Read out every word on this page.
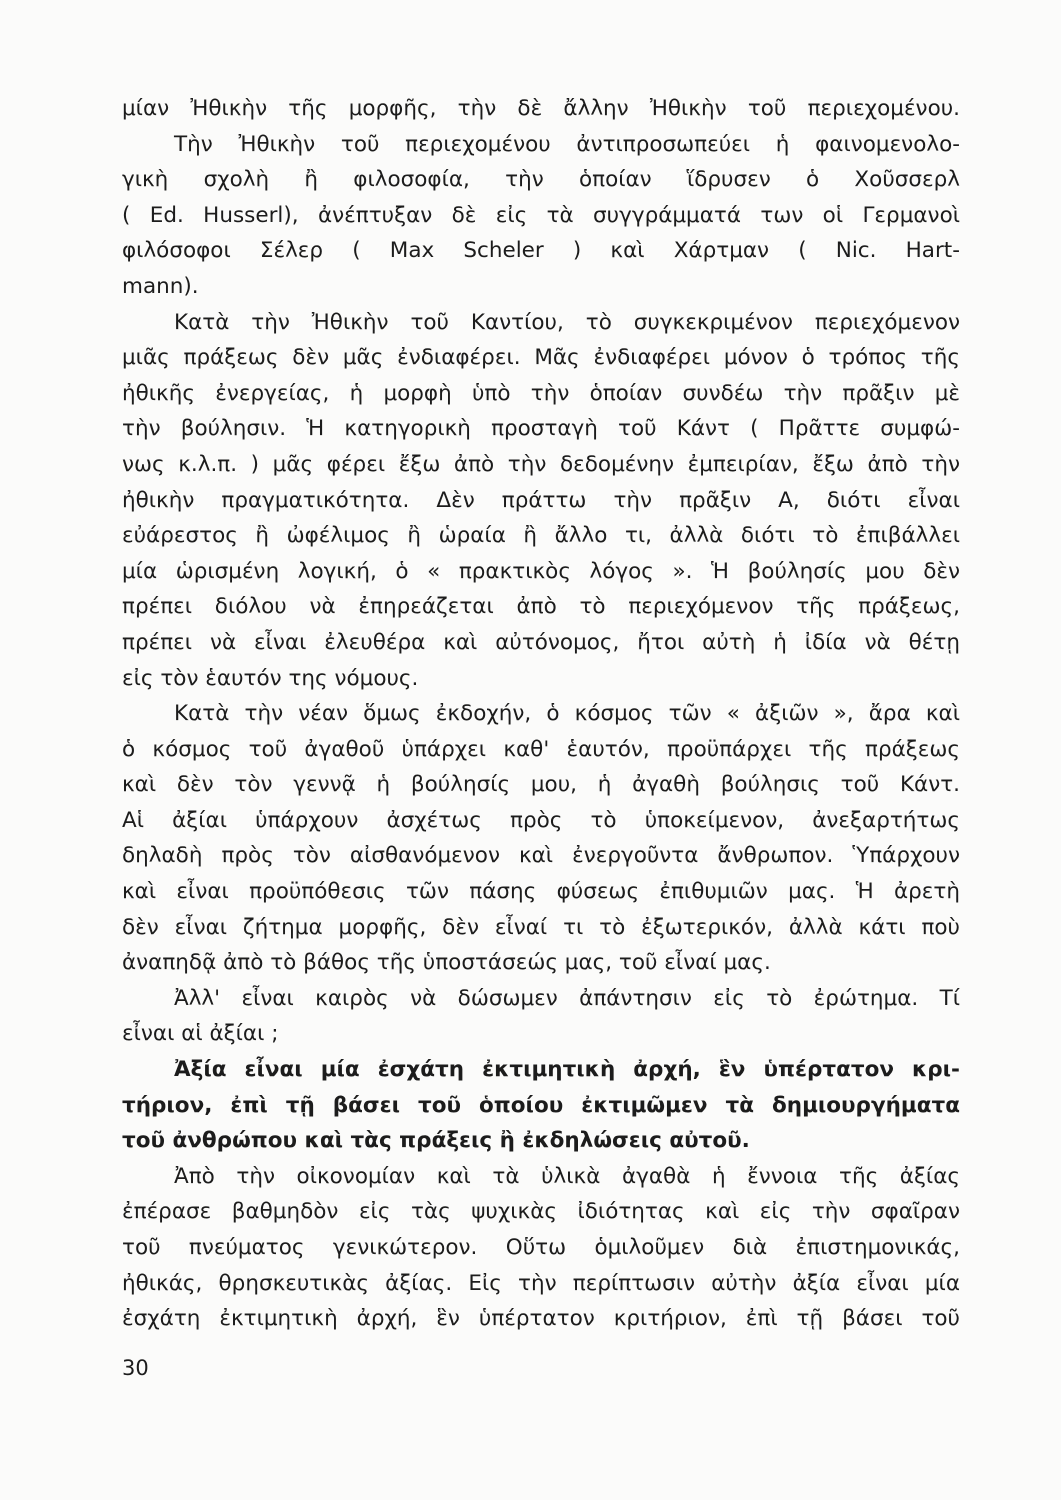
μίαν Ἠθικὴν τῆς μορφῆς, τὴν δὲ ἄλλην Ἠθικὴν τοῦ περιεχομένου.
Τὴν Ἠθικὴν τοῦ περιεχομένου ἀντιπροσωπεύει ἡ φαινομενολο-
γικὴ σχολὴ ἢ φιλοσοφία, τὴν ὁποίαν ἵδρυσεν ὁ Χοῦσσερλ
( Ed. Husserl), ἀνέπτυξαν δὲ εἰς τὰ συγγράμματά των οἱ Γερμανοὶ
φιλόσοφοι Σέλερ ( Max Scheler ) καὶ Χάρτμαν ( Nic. Hart-
mann).
Κατὰ τὴν Ἠθικὴν τοῦ Καντίου, τὸ συγκεκριμένον περιεχόμενον
μιᾶς πράξεως δὲν μᾶς ἐνδιαφέρει. Μᾶς ἐνδιαφέρει μόνον ὁ τρόπος τῆς
ἠθικῆς ἐνεργείας, ἡ μορφὴ ὑπὸ τὴν ὁποίαν συνδέω τὴν πρᾶξιν μὲ
τὴν βούλησιν. Ἡ κατηγορικὴ προσταγὴ τοῦ Κάντ ( Πρᾶττε συμφώ-
νως κ.λ.π. ) μᾶς φέρει ἔξω ἀπὸ τὴν δεδομένην ἐμπειρίαν, ἔξω ἀπὸ τὴν
ἠθικὴν πραγματικότητα. Δὲν πράττω τὴν πρᾶξιν Α, διότι εἶναι
εὐάρεστος ἢ ὠφέλιμος ἢ ὡραία ἢ ἄλλο τι, ἀλλὰ διότι τὸ ἐπιβάλλει
μία ὡρισμένη λογική, ὁ « πρακτικὸς λόγος ». Ἡ βούλησίς μου δὲν
πρέπει διόλου νὰ ἐπηρεάζεται ἀπὸ τὸ περιεχόμενον τῆς πράξεως,
πρέπει νὰ εἶναι ἐλευθέρα καὶ αὐτόνομος, ἤτοι αὐτὴ ἡ ἰδία νὰ θέτῃ
εἰς τὸν ἑαυτόν της νόμους.
Κατὰ τὴν νέαν ὅμως ἐκδοχήν, ὁ κόσμος τῶν « ἀξιῶν », ἄρα καὶ
ὁ κόσμος τοῦ ἀγαθοῦ ὑπάρχει καθ' ἑαυτόν, προϋπάρχει τῆς πράξεως
καὶ δὲν τὸν γεννᾷ ἡ βούλησίς μου, ἡ ἀγαθὴ βούλησις τοῦ Κάντ.
Αἱ ἀξίαι ὑπάρχουν ἀσχέτως πρὸς τὸ ὑποκείμενον, ἀνεξαρτήτως
δηλαδὴ πρὸς τὸν αἰσθανόμενον καὶ ἐνεργοῦντα ἄνθρωπον. Ὑπάρχουν
καὶ εἶναι προϋπόθεσις τῶν πάσης φύσεως ἐπιθυμιῶν μας. Ἡ ἀρετὴ
δὲν εἶναι ζήτημα μορφῆς, δὲν εἶναί τι τὸ ἐξωτερικόν, ἀλλὰ κάτι ποὺ
ἀναπηδᾷ ἀπὸ τὸ βάθος τῆς ὑποστάσεώς μας, τοῦ εἶναί μας.
Ἀλλ' εἶναι καιρὸς νὰ δώσωμεν ἀπάντησιν εἰς τὸ ἐρώτημα. Τί
εἶναι αἱ ἀξίαι ;
Ἀξία εἶναι μία ἐσχάτη ἐκτιμητικὴ ἀρχή, ἓν ὑπέρτατον κρι-
τήριον, ἐπὶ τῇ βάσει τοῦ ὁποίου ἐκτιμῶμεν τὰ δημιουργήματα
τοῦ ἀνθρώπου καὶ τὰς πράξεις ἢ ἐκδηλώσεις αὐτοῦ.
Ἀπὸ τὴν οἰκονομίαν καὶ τὰ ὑλικὰ ἀγαθὰ ἡ ἔννοια τῆς ἀξίας
ἐπέρασε βαθμηδὸν εἰς τὰς ψυχικὰς ἰδιότητας καὶ εἰς τὴν σφαῖραν
τοῦ πνεύματος γενικώτερον. Οὕτω ὁμιλοῦμεν διὰ ἐπιστημονικάς,
ἠθικάς, θρησκευτικὰς ἀξίας. Εἰς τὴν περίπτωσιν αὐτὴν ἀξία εἶναι μία
ἐσχάτη ἐκτιμητικὴ ἀρχή, ἓν ὑπέρτατον κριτήριον, ἐπὶ τῇ βάσει τοῦ
30
